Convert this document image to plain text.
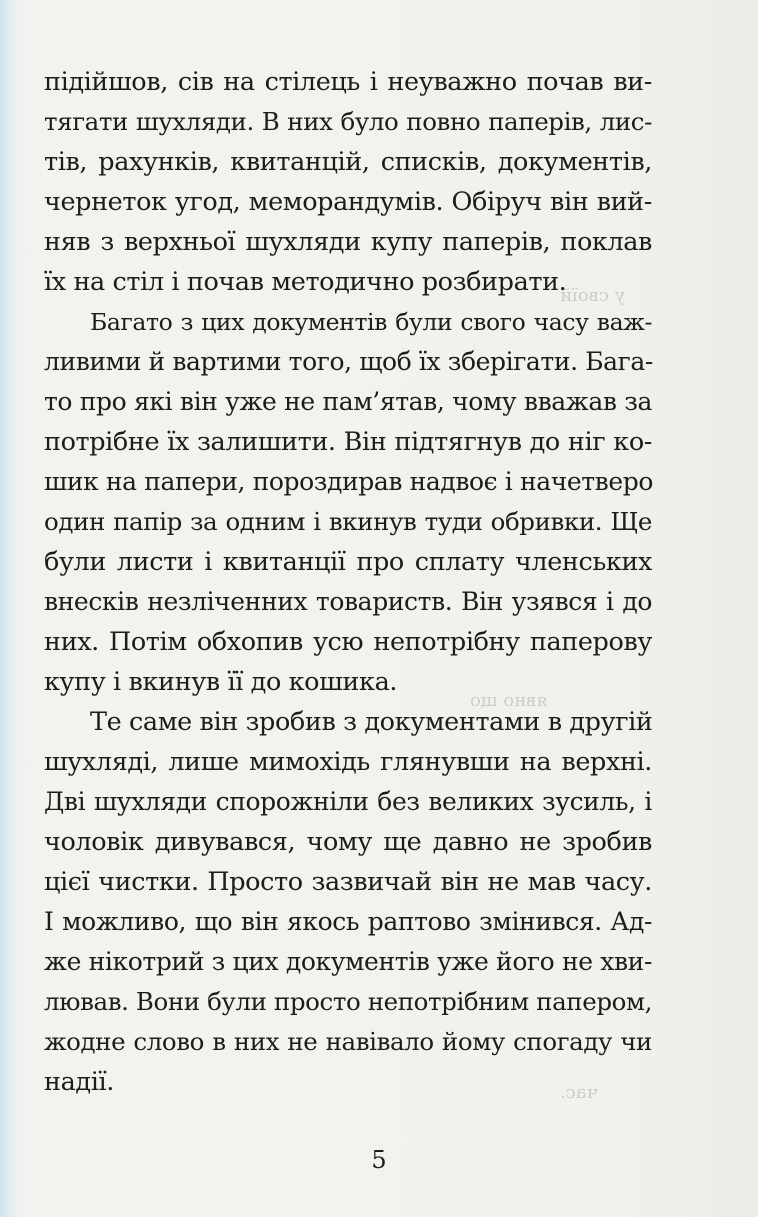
у своїй
явно що
час.
підійшов, сів на стілець і неуважно почав ви-
тягати шухляди. В них було повно паперів, лис-
тів, рахунків, квитанцій, списків, документів,
чернеток угод, меморандумів. Обіруч він вий-
няв з верхньої шухляди купу паперів, поклав
їх на стіл і почав методично розбирати.
Багато з цих документів були свого часу важ-
ливими й вартими того, щоб їх зберігати. Бага-
то про які він уже не пам’ятав, чому вважав за
потрібне їх залишити. Він підтягнув до ніг ко-
шик на папери, пороздирав надвоє і начетверо
один папір за одним і вкинув туди обривки. Ще
були листи і квитанції про сплату членських
внесків незліченних товариств. Він узявся і до
них. Потім обхопив усю непотрібну паперову
купу і вкинув її до кошика.
Те саме він зробив з документами в другій
шухляді, лише мимохідь глянувши на верхні.
Дві шухляди спорожніли без великих зусиль, і
чоловік дивувався, чому ще давно не зробив
цієї чистки. Просто зазвичай він не мав часу.
І можливо, що він якось раптово змінився. Ад-
же нікотрий з цих документів уже його не хви-
лював. Вони були просто непотрібним папером,
жодне слово в них не навівало йому спогаду чи
надії.
5
